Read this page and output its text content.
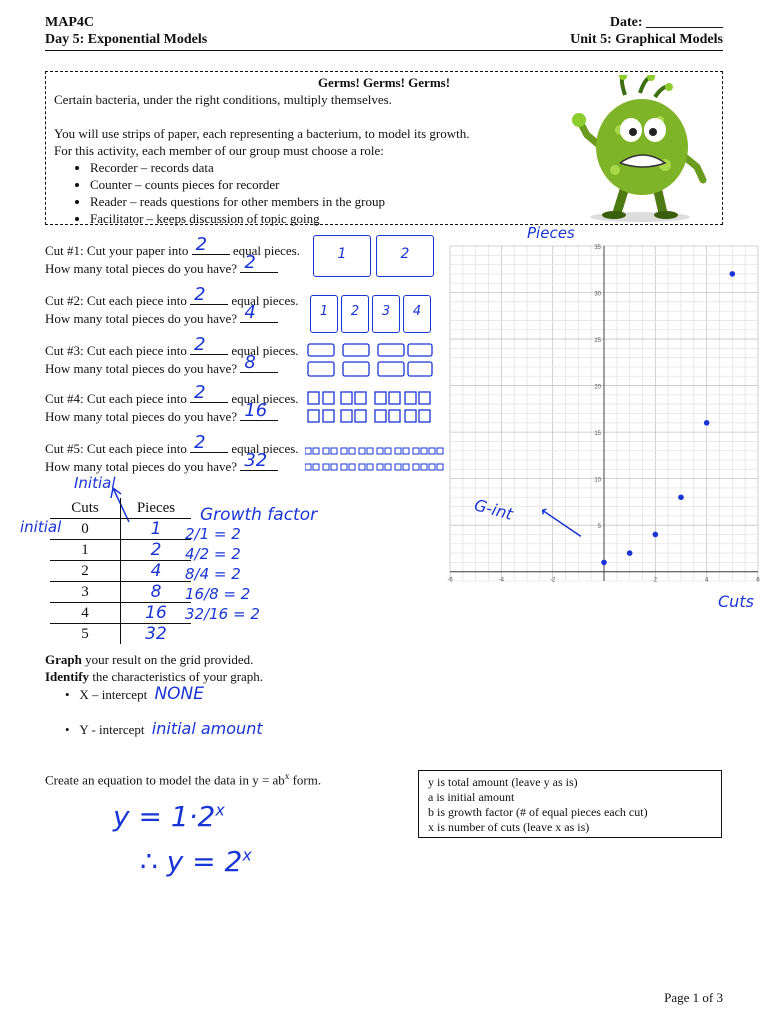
MAP4C
Day 5: Exponential Models
Date: ___________
Unit 5: Graphical Models
Germs! Germs! Germs!
Certain bacteria, under the right conditions, multiply themselves.
You will use strips of paper, each representing a bacterium, to model its growth.
For this activity, each member of our group must choose a role:
• Recorder – records data
• Counter – counts pieces for recorder
• Reader – reads questions for other members in the group
• Facilitator – keeps discussion of topic going
Cut #1: Cut your paper into 2 equal pieces.
How many total pieces do you have? 2
Cut #2: Cut each piece into 2 equal pieces.
How many total pieces do you have? 4
Cut #3: Cut each piece into 2 equal pieces.
How many total pieces do you have? 8
Cut #4: Cut each piece into 2 equal pieces.
How many total pieces do you have? 16
Cut #5: Cut each piece into 2 equal pieces.
How many total pieces do you have? 32
1	2
1	2	3	4
Initial
initial
Growth factor
Cuts	Pieces
0	1
1	2
2	4
3	8
4	16
5	32
2/1 = 2
4/2 = 2
8/4 = 2
16/8 = 2
32/16 = 2
5
10
15
20
25
30
35
-6	-4	-2	2	4	6
Pieces
Cuts
G-int
Graph your result on the grid provided.
Identify the characteristics of your graph.
•   X – intercept NONE
•   Y - intercept initial amount
Create an equation to model the data in $y = ab^x$ form.
$y = 1\cdot 2^x$
∴ $y = 2^x$
y is total amount (leave y as is)
a is initial amount
b is growth factor (# of equal pieces each cut)
x is number of cuts (leave x as is)
Page 1 of 3
